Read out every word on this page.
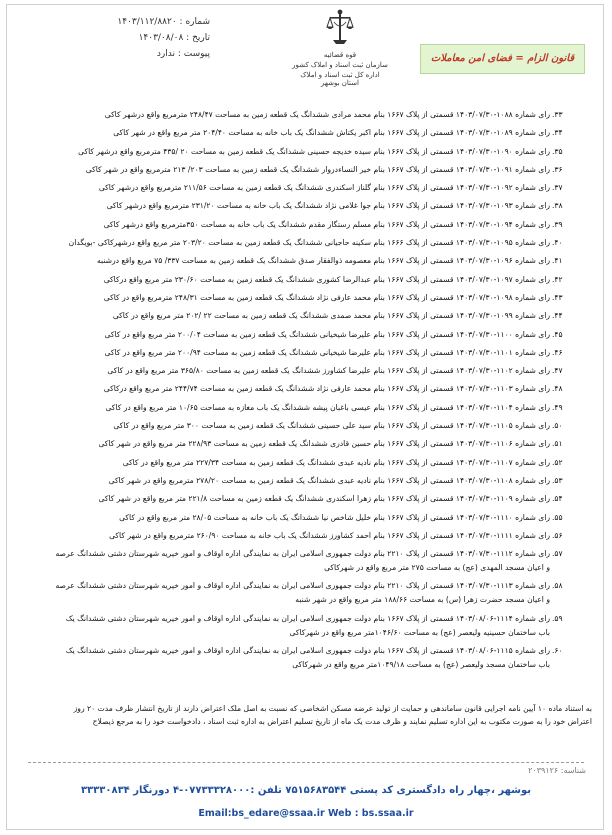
شماره : ۱۴۰۳/۱۱۲/۸۸۲۰
تاریخ : ۱۴۰۳/۰۸/۰۸
پیوست : ندارد	قوه قضائیه
سازمان ثبت اسناد و املاک کشور
اداره کل ثبت اسناد و املاک استان بوشهر
قانون الزام = فضای امن معاملات
۳۳.
رای شماره ۱۰۸۸-۱۴۰۳/۰۷/۳۰ قسمتی از پلاک ۱۶۶۷ بنام محمد مرادی ششدانگ یک قطعه زمین به مساحت ۲۴۸/۴۷ مترمربع واقع درشهر کاکی
۳۴.
رای شماره ۱۰۸۹-۱۴۰۳/۰۷/۳۰ قسمتی از پلاک ۱۶۶۷ بنام اکبر یکتاش ششدانگ یک باب خانه به مساحت ۲۰۴/۴۰ متر مربع واقع در شهر کاکی
۳۵.
رای شماره ۱۰۹۰-۱۴۰۳/۰۷/۳۰ قسمتی از پلاک ۱۶۶۷ بنام سیده خدیجه حسینی ششدانگ یک قطعه زمین به مساحت ۲۰ /۴۳۵ مترمربع واقع درشهر کاکی
۳۶.
رای شماره ۱۰۹۱-۱۴۰۳/۰۷/۳۰ قسمتی از پلاک ۱۶۶۷ بنام خیر النساءدروار ششدانگ یک قطعه زمین به مساحت ۲۰۳/ ۲۱۳ مترمربع واقع در شهر کاکی
۳۷.
رای شماره ۱۰۹۲-۱۴۰۳/۰۷/۳۰ قسمتی از پلاک ۱۶۶۷ بنام گلناز اسکندری ششدانگ یک قطعه زمین به مساحت ۲۱۱/۵۶ مترمربع واقع درشهر کاکی
۳۸.
رای شماره ۱۰۹۳-۱۴۰۳/۰۷/۳۰ قسمتی از پلاک ۱۶۶۷ بنام جوا غلامی نژاد ششدانگ یک باب خانه به مساحت ۲۳۱/۲۰ مترمربع واقع درشهر کاکی
۳۹.
رای شماره ۱۰۹۴-۱۴۰۳/۰۷/۳۰ قسمتی از پلاک ۱۶۶۷ بنام مسلم رستگار مقدم ششدانگ یک باب خانه به مساحت ۳۵۰مترمربع واقع درشهر کاکی
۴۰.
رای شماره ۱۰۹۵-۱۴۰۳/۰۷/۳۰ قسمتی از پلاک ۱۶۶۶ بنام سکینه حاجیانی ششدانگ یک قطعه زمین به مساحت ۲۰۳/۲۰ متر مربع واقع درشهرکاکی -بویگدان
۴۱.
رای شماره ۱۰۹۶-۱۴۰۳/۰۷/۳۰ قسمتی از پلاک ۱۶۶۷ بنام معصومه ذوالفقار صدق ششدانگ یک قطعه زمین به مساحت ۳۳۷/ ۷۵ مربع واقع درشنبه
۴۲.
رای شماره ۱۰۹۷-۱۴۰۳/۰۷/۳۰ قسمتی از پلاک ۱۶۶۷ بنام عبدالرضا کشوری ششدانگ یک قطعه زمین به مساحت ۲۳۰/۶۰ متر مربع واقع درکاکی
۴۳.
رای شماره ۱۰۹۸-۱۴۰۳/۰۷/۳۰ قسمتی از پلاک ۱۶۶۷ بنام محمد عارفی نژاد ششدانگ یک قطعه زمین به مساحت ۲۴۸/۳۱ مترمربع واقع در کاکی
۴۴.
رای شماره ۱۰۹۹-۱۴۰۳/۰۷/۳۰ قسمتی از پلاک ۱۶۶۷ بنام محمد صمدی ششدانگ یک قطعه زمین به مساحت ۲۲ /۲۰۲ متر مربع واقع در کاکی
۴۵.
رای شماره ۱۱۰۰-۱۴۰۳/۰۷/۳۰ قسمتی از پلاک ۱۶۶۷ بنام علیرضا شیخیانی ششدانگ یک قطعه زمین به مساحت ۲۰۰/۰۴ متر مربع واقع در کاکی
۴۶.
رای شماره ۱۱۰۱-۱۴۰۳/۰۷/۳۰ قسمتی از پلاک ۱۶۶۷ بنام علیرضا شیخیانی ششدانگ یک قطعه زمین به مساحت ۲۰۰/۹۴ متر مربع واقع در کاکی
۴۷.
رای شماره ۱۱۰۲-۱۴۰۳/۰۷/۳۰ قسمتی از پلاک ۱۶۶۷ بنام علیرضا کشاورز ششدانگ یک قطعه زمین به مساحت ۳۶۵/۸۰ متر مربع واقع در کاکی
۴۸.
رای شماره ۱۱۰۳-۱۴۰۳/۰۷/۳۰ قسمتی از پلاک ۱۶۶۷ بنام محمد عارفی نژاد ششدانگ یک قطعه زمین به مساحت ۲۴۴/۷۴ متر مربع واقع درکاکی
۴۹.
رای شماره ۱۱۰۴-۱۴۰۳/۰۷/۳۰ قسمتی از پلاک ۱۶۶۷ بنام عیسی باغبان پیشه ششدانگ یک باب مغازه به مساحت ۱۰/۶۵ متر مربع واقع در کاکی
۵۰.
رای شماره ۱۱۰۵-۱۴۰۳/۰۷/۳۰ قسمتی از پلاک ۱۶۶۷ بنام سید علی حسینی ششدانگ یک قطعه زمین به مساحت ۳۰۰ متر مربع واقع در کاکی
۵۱.
رای شماره ۱۱۰۶-۱۴۰۳/۰۷/۳۰ قسمتی از پلاک ۱۶۶۷ بنام حسین قادری ششدانگ یک قطعه زمین به مساحت ۲۲۸/۹۳ متر مربع واقع در شهر کاکی
۵۲.
رای شماره ۱۱۰۷-۱۴۰۳/۰۷/۳۰ قسمتی از پلاک ۱۶۶۷ بنام نادیه عبدی ششدانگ یک قطعه زمین به مساحت ۲۲۷/۳۴ متر مربع واقع در کاکی
۵۳.
رای شماره ۱۱۰۸-۱۴۰۳/۰۷/۳۰ قسمتی از پلاک ۱۶۶۷ بنام نادیه عبدی ششدانگ یک قطعه زمین به مساحت ۲۷۸/۲۰ مترمربع واقع در شهر کاکی
۵۴.
رای شماره ۱۱۰۹-۱۴۰۳/۰۷/۳۰ قسمتی از پلاک ۱۶۶۷ بنام زهرا اسکندری ششدانگ یک قطعه زمین به مساحت ۲۲۱/۸ متر مربع واقع در شهر کاکی
۵۵.
رای شماره ۱۱۱۰-۱۴۰۳/۰۷/۳۰ قسمتی از پلاک ۱۶۶۷ بنام خلیل شاخص نیا ششدانگ یک باب خانه به مساحت ۲۸/۰۵ متر مربع واقع در کاکی
۵۶.
رای شماره ۱۱۱۱-۱۴۰۳/۰۷/۳۰ قسمتی از پلاک ۱۶۶۷ بنام احمد کشاورز ششدانگ یک باب خانه به مساحت ۲۶۰/۹۰ مترمربع واقع در شهر کاکی
۵۷.
رای شماره ۱۱۱۲-۱۴۰۳/۰۷/۳۰ قسمتی از پلاک ۲۲۱۰ بنام دولت جمهوری اسلامی ایران به نمایندگی اداره اوقاف و امور خیریه شهرستان دشتی ششدانگ عرصه و اعیان مسجد المهدی (عج) به مساحت ۲۷۵ متر مربع واقع در شهرکاکی
۵۸.
رای شماره ۱۱۱۳-۱۴۰۳/۰۷/۳۰ قسمتی از پلاک ۲۲۱۰ بنام دولت جمهوری اسلامی ایران به نمایندگی اداره اوقاف و امور خیریه شهرستان دشتی ششدانگ عرصه و اعیان مسجد حضرت زهرا (س) به مساحت ۱۸۸/۶۶ متر مربع واقع در شهر شنبه
۵۹.
رای شماره ۱۱۱۴-۱۴۰۳/۰۸/۰۶ قسمتی از پلاک ۱۶۶۷ بنام دولت جمهوری اسلامی ایران به نمایندگی اداره اوقاف و امور خیریه شهرستان دشتی ششدانگ یک باب ساختمان حسینیه ولیعصر (عج) به مساحت ۱۰۴۶/۶۰متر مربع واقع در شهرکاکی
۶۰.
رای شماره ۱۱۱۵-۱۴۰۳/۰۸/۰۶ قسمتی از پلاک ۱۶۶۷ بنام دولت جمهوری اسلامی ایران به نمایندگی اداره اوقاف و امور خیریه شهرستان دشتی ششدانگ یک باب ساختمان مسجد ولیعصر (عج) به مساحت ۱۰۴۹/۱۸متر مربع واقع در شهرکاکی
به استناد ماده ۱۰ آیین نامه اجرایی قانون ساماندهی و حمایت از تولید عرضه مسکن اشخاصی که نسبت به اصل ملک اعتراض دارند از تاریخ انتشار ظرف مدت ۲۰ روز اعتراض خود را به صورت مکتوب به این اداره تسلیم نمایند و ظرف مدت یک ماه از تاریخ تسلیم اعتراض به اداره ثبت اسناد ، دادخواست خود را به مرجع ذیصلاح
شناسه: ۲۰۳۹۱۲۶
بوشهر ،چهار راه دادگستری کد پستی ۷۵۱۵۶۸۳۵۴۴ تلفن :۰۷۷۳۳۳۲۸۰۰۰-۴ دورنگار ۳۳۳۳۰۸۳۴
Email:bs_edare@ssaa.ir Web : bs.ssaa.ir
